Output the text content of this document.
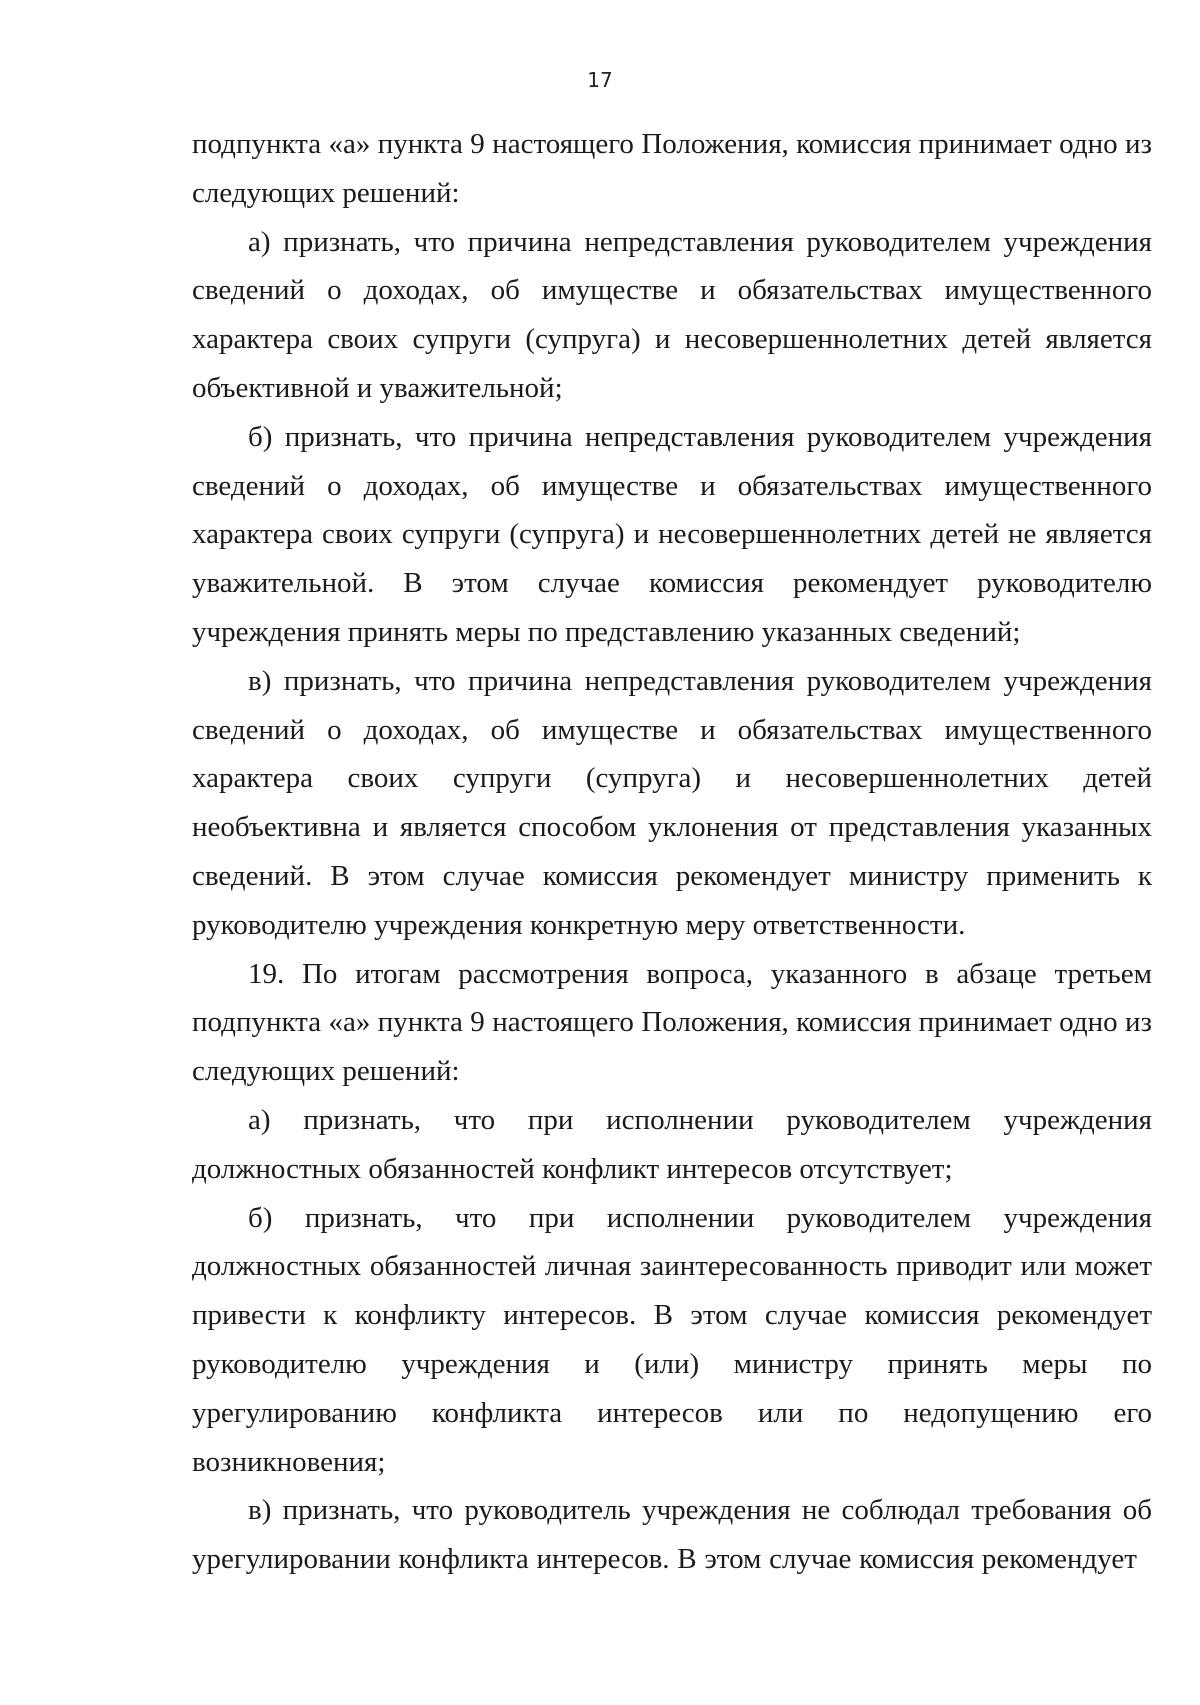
17

подпункта «а» пункта 9 настоящего Положения, комиссия принимает одно из следующих решений:

а) признать, что причина непредставления руководителем учреждения сведений о доходах, об имуществе и обязательствах имущественного характера своих супруги (супруга) и несовершеннолетних детей является объективной и уважительной;

б) признать, что причина непредставления руководителем учреждения сведений о доходах, об имуществе и обязательствах имущественного характера своих супруги (супруга) и несовершеннолетних детей не является уважительной. В этом случае комиссия рекомендует руководителю учреждения принять меры по представлению указанных сведений;

в) признать, что причина непредставления руководителем учреждения сведений о доходах, об имуществе и обязательствах имущественного характера своих супруги (супруга) и несовершеннолетних детей необъективна и является способом уклонения от представления указанных сведений. В этом случае комиссия рекомендует министру применить к руководителю учреждения конкретную меру ответственности.

19. По итогам рассмотрения вопроса, указанного в абзаце третьем подпункта «а» пункта 9 настоящего Положения, комиссия принимает одно из следующих решений:

а) признать, что при исполнении руководителем учреждения должностных обязанностей конфликт интересов отсутствует;

б) признать, что при исполнении руководителем учреждения должностных обязанностей личная заинтересованность приводит или может привести к конфликту интересов. В этом случае комиссия рекомендует руководителю учреждения и (или) министру принять меры по урегулированию конфликта интересов или по недопущению его возникновения;

в) признать, что руководитель учреждения не соблюдал требования об урегулировании конфликта интересов. В этом случае комиссия рекомендует
